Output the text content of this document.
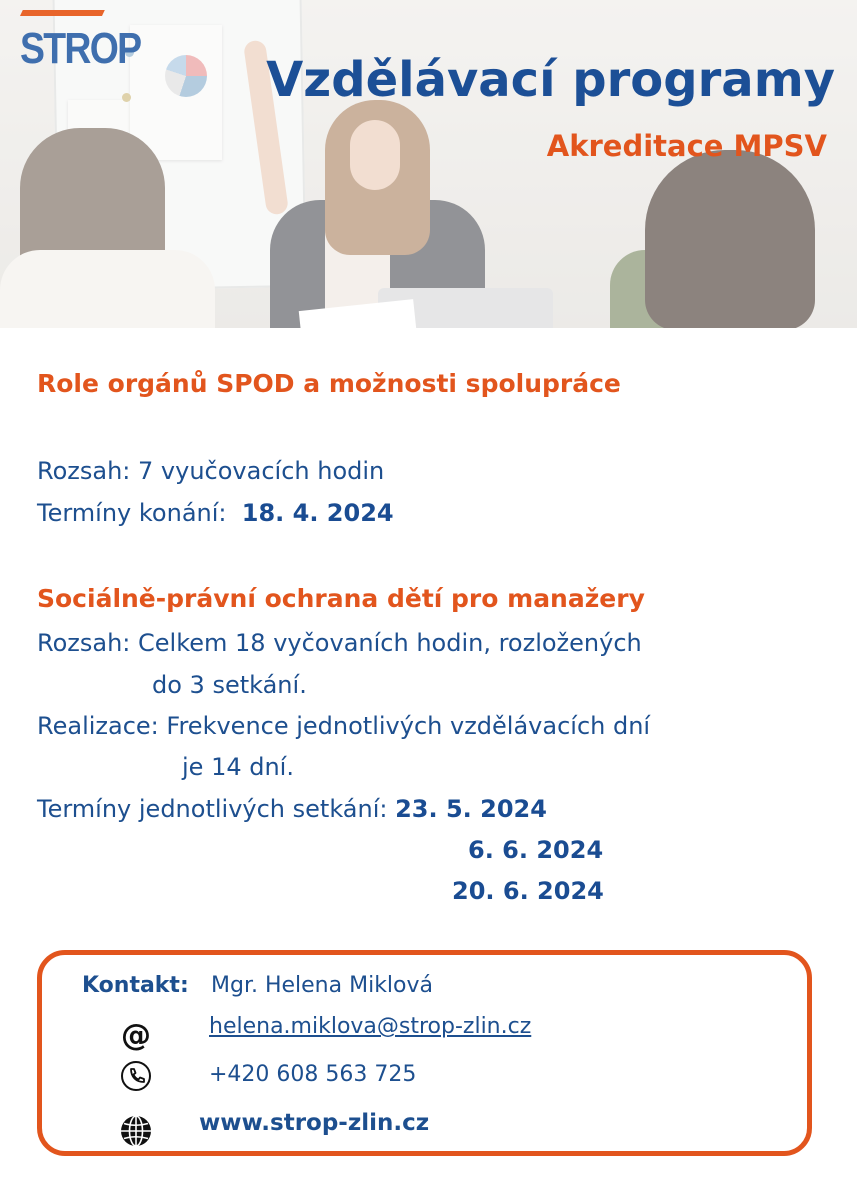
STROP
Vzdělávací programy
Akreditace MPSV
Role orgánů SPOD a možnosti spolupráce

Rozsah: 7 vyučovacích hodin

Termíny konání: 18. 4. 2024

Sociálně-právní ochrana dětí pro manažery

Rozsah: Celkem 18 vyčovaních hodin, rozložených

do 3 setkání.

Realizace: Frekvence jednotlivých vzdělávacích dní

je 14 dní.

Termíny jednotlivých setkání: 23. 5. 2024

6. 6. 2024

20. 6. 2024

Kontakt: Mgr. Helena Miklová

@	helena.miklova@strop-zlin.cz

+420 608 563 725

www.strop-zlin.cz
